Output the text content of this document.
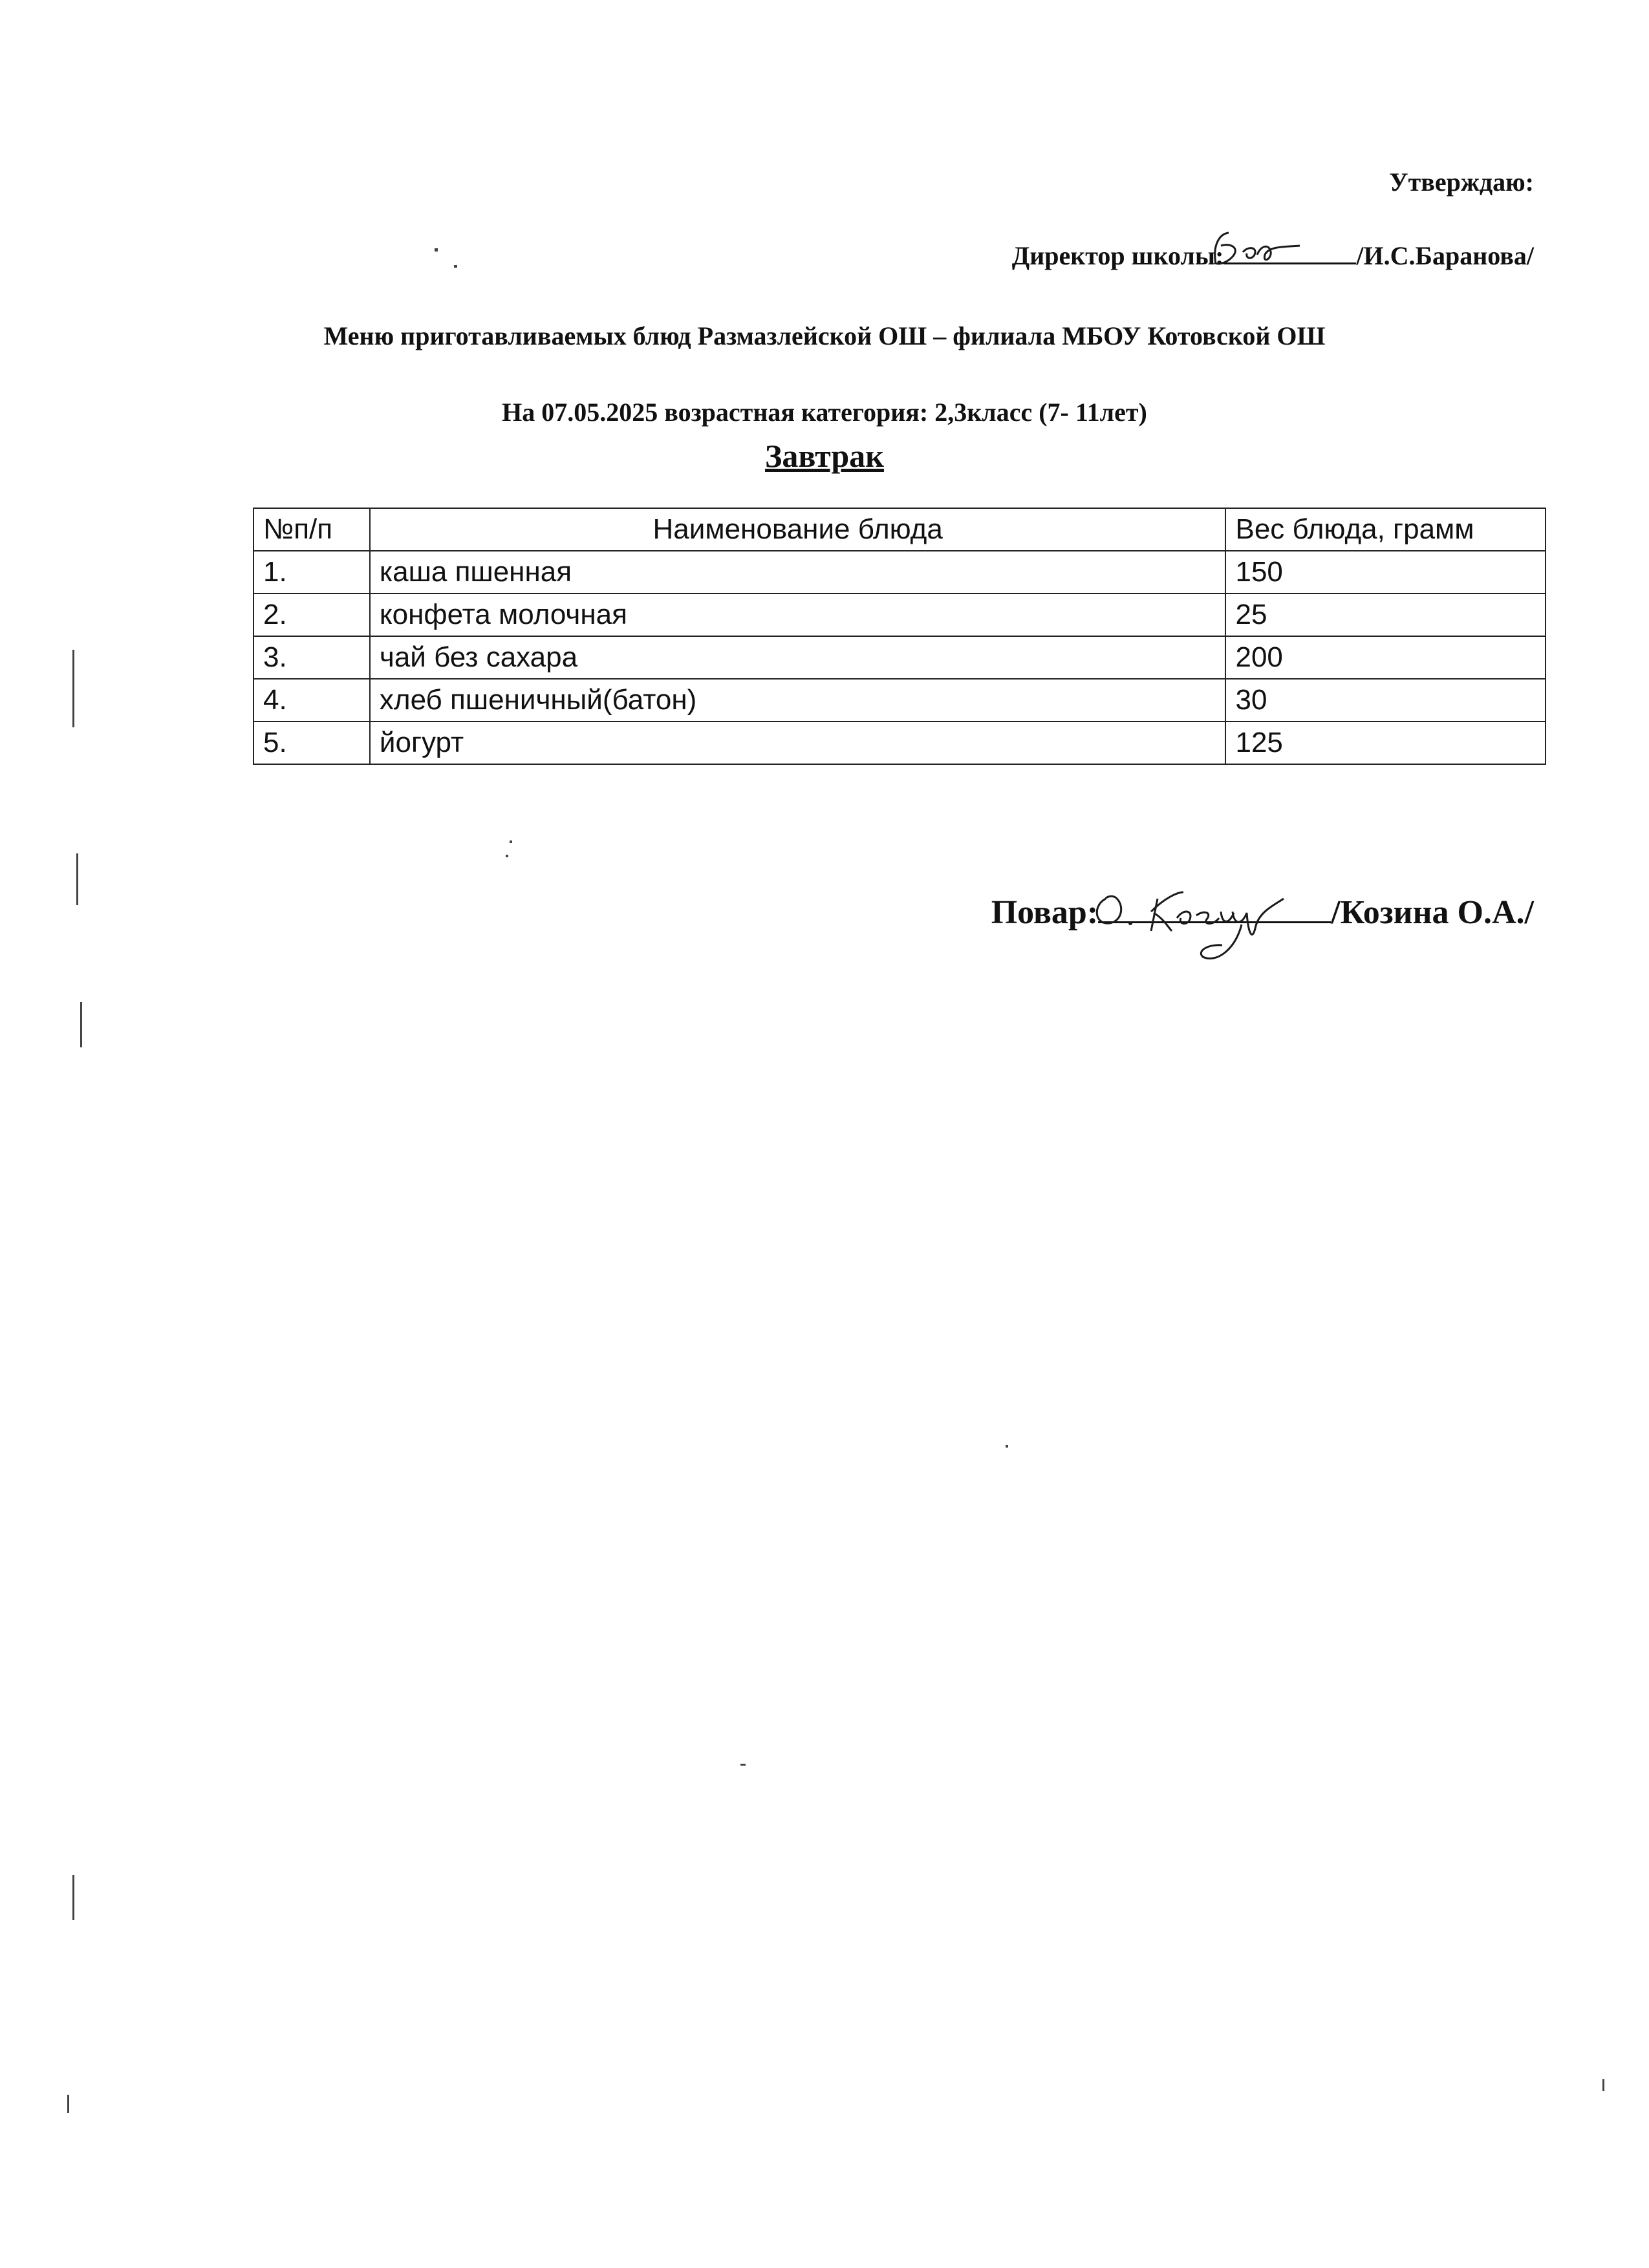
Утверждаю:
Директор школы:	/И.С.Баранова/
Меню приготавливаемых блюд Размазлейской ОШ – филиала МБОУ Котовской ОШ
На 07.05.2025 возрастная категория: 2,3класс (7- 11лет)
Завтрак
№п/п	Наименование блюда	Вес блюда, грамм
1.	каша пшенная	150
2.	конфета молочная	25
3.	чай без сахара	200
4.	хлеб пшеничный(батон)	30
5.	йогурт	125
Повар:	/Козина О.А./
